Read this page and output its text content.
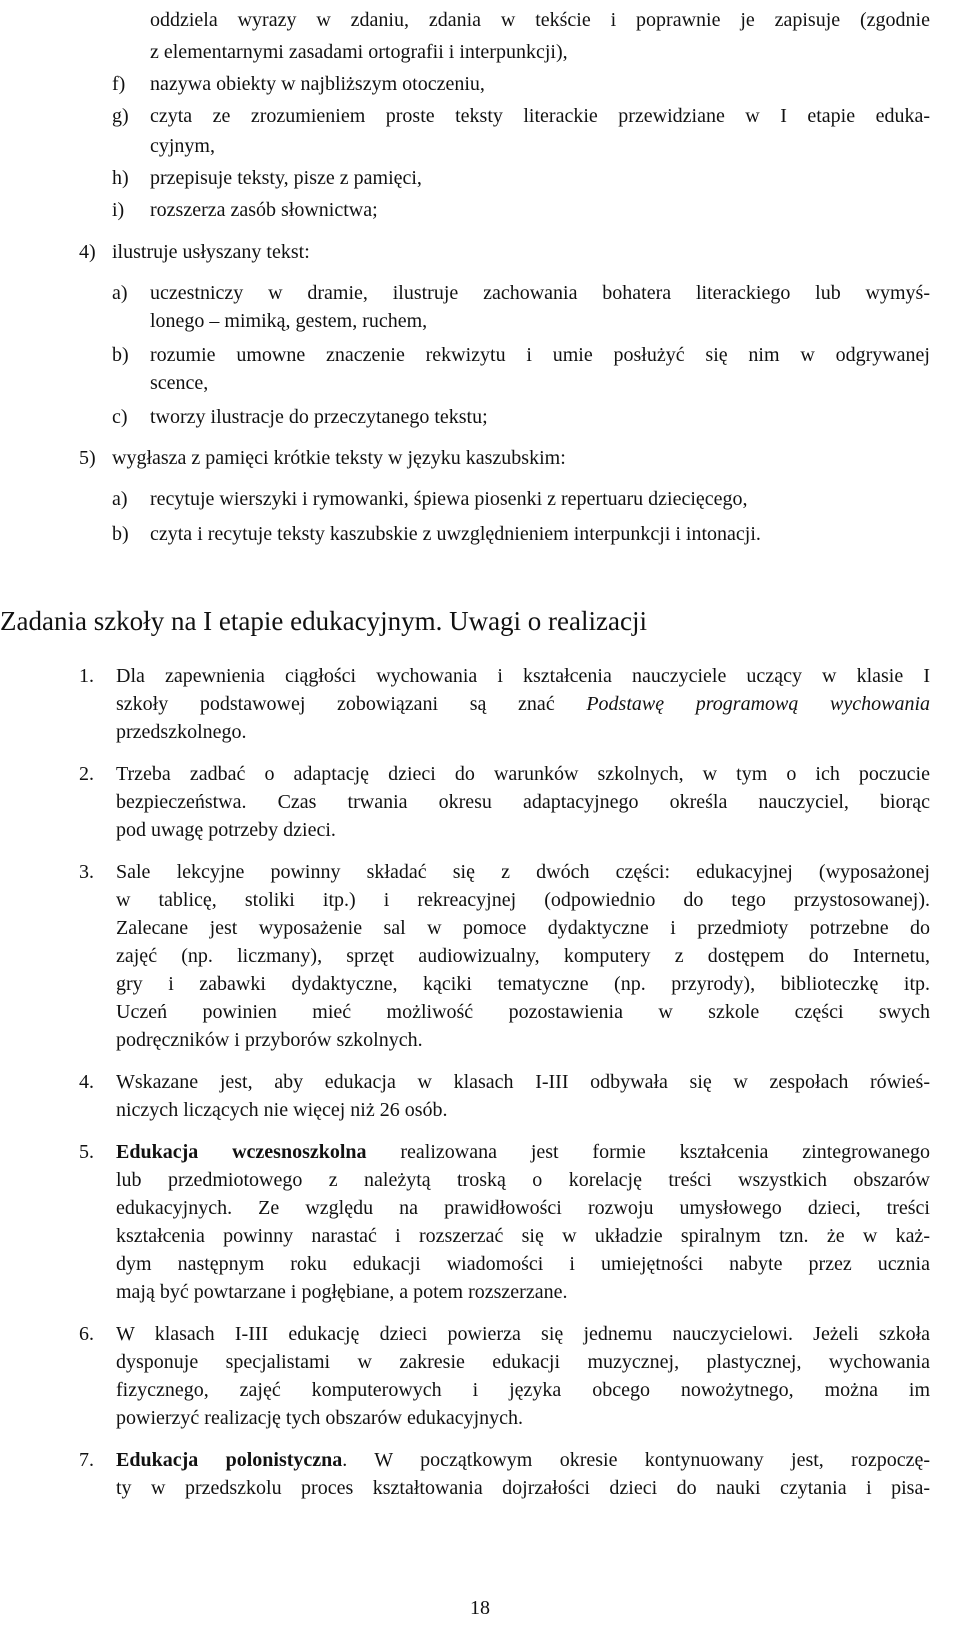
oddziela wyrazy w zdaniu, zdania w tekście i poprawnie je zapisuje (zgodnie
z elementarnymi zasadami ortografii i interpunkcji),
f) nazywa obiekty w najbliższym otoczeniu,
g) czyta ze zrozumieniem proste teksty literackie przewidziane w I etapie eduka-
cyjnym,
h) przepisuje teksty, pisze z pamięci,
i) rozszerza zasób słownictwa;
4) ilustruje usłyszany tekst:
a) uczestniczy w dramie, ilustruje zachowania bohatera literackiego lub wymyś-
lonego – mimiką, gestem, ruchem,
b) rozumie umowne znaczenie rekwizytu i umie posłużyć się nim w odgrywanej
scence,
c) tworzy ilustracje do przeczytanego tekstu;
5) wygłasza z pamięci krótkie teksty w języku kaszubskim:
a) recytuje wierszyki i rymowanki, śpiewa piosenki z repertuaru dziecięcego,
b) czyta i recytuje teksty kaszubskie z uwzględnieniem interpunkcji i intonacji.
Zadania szkoły na I etapie edukacyjnym. Uwagi o realizacji
1. Dla zapewnienia ciągłości wychowania i kształcenia nauczyciele uczący w klasie I
szkoły podstawowej zobowiązani są znać Podstawę programową wychowania
przedszkolnego.
2. Trzeba zadbać o adaptację dzieci do warunków szkolnych, w tym o ich poczucie
bezpieczeństwa. Czas trwania okresu adaptacyjnego określa nauczyciel, biorąc
pod uwagę potrzeby dzieci.
3. Sale lekcyjne powinny składać się z dwóch części: edukacyjnej (wyposażonej
w tablicę, stoliki itp.) i rekreacyjnej (odpowiednio do tego przystosowanej).
Zalecane jest wyposażenie sal w pomoce dydaktyczne i przedmioty potrzebne do
zajęć (np. liczmany), sprzęt audiowizualny, komputery z dostępem do Internetu,
gry i zabawki dydaktyczne, kąciki tematyczne (np. przyrody), biblioteczkę itp.
Uczeń powinien mieć możliwość pozostawienia w szkole części swych
podręczników i przyborów szkolnych.
4. Wskazane jest, aby edukacja w klasach I-III odbywała się w zespołach rówieś-
niczych liczących nie więcej niż 26 osób.
5. Edukacja wczesnoszkolna realizowana jest formie kształcenia zintegrowanego
lub przedmiotowego z należytą troską o korelację treści wszystkich obszarów
edukacyjnych. Ze względu na prawidłowości rozwoju umysłowego dzieci, treści
kształcenia powinny narastać i rozszerzać się w układzie spiralnym tzn. że w każ-
dym następnym roku edukacji wiadomości i umiejętności nabyte przez ucznia
mają być powtarzane i pogłębiane, a potem rozszerzane.
6. W klasach I-III edukację dzieci powierza się jednemu nauczycielowi. Jeżeli szkoła
dysponuje specjalistami w zakresie edukacji muzycznej, plastycznej, wychowania
fizycznego, zajęć komputerowych i języka obcego nowożytnego, można im
powierzyć realizację tych obszarów edukacyjnych.
7. Edukacja polonistyczna. W początkowym okresie kontynuowany jest, rozpoczę-
ty w przedszkolu proces kształtowania dojrzałości dzieci do nauki czytania i pisa-
18
